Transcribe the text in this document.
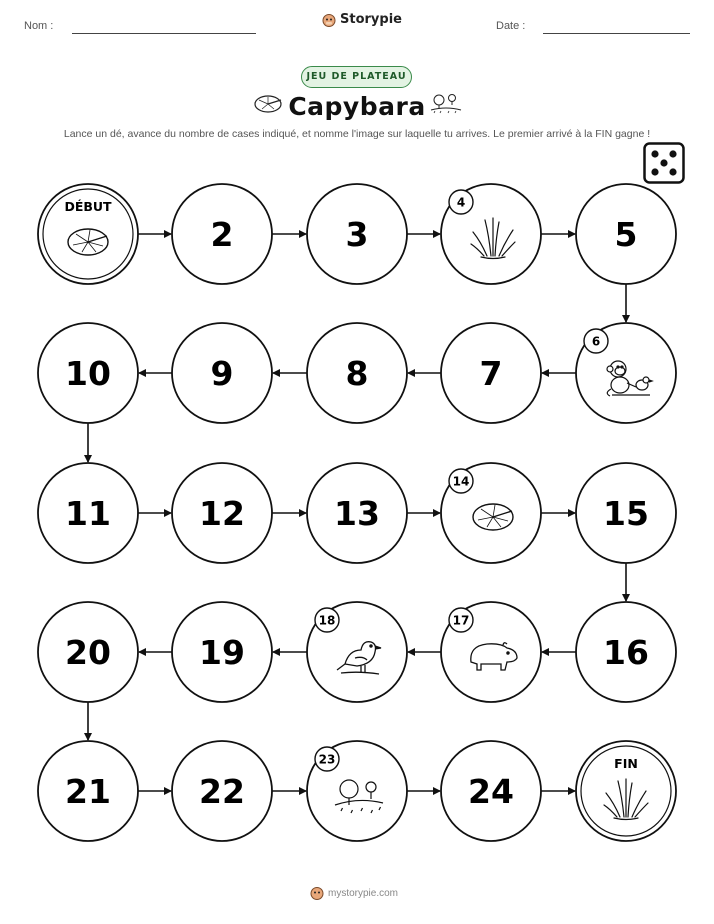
Nom :	Date :
Storypie
JEU DE PLATEAU
Capybara
Lance un dé, avance du nombre de cases indiqué, et nomme l'image sur laquelle tu arrives. Le premier arrivé à la FIN gagne !
DÉBUT
2	3
4
5
6
7
8
9
10
11	12	13
14
15
16
17
18
19
20
21	22
23
24
FIN
mystorypie.com
